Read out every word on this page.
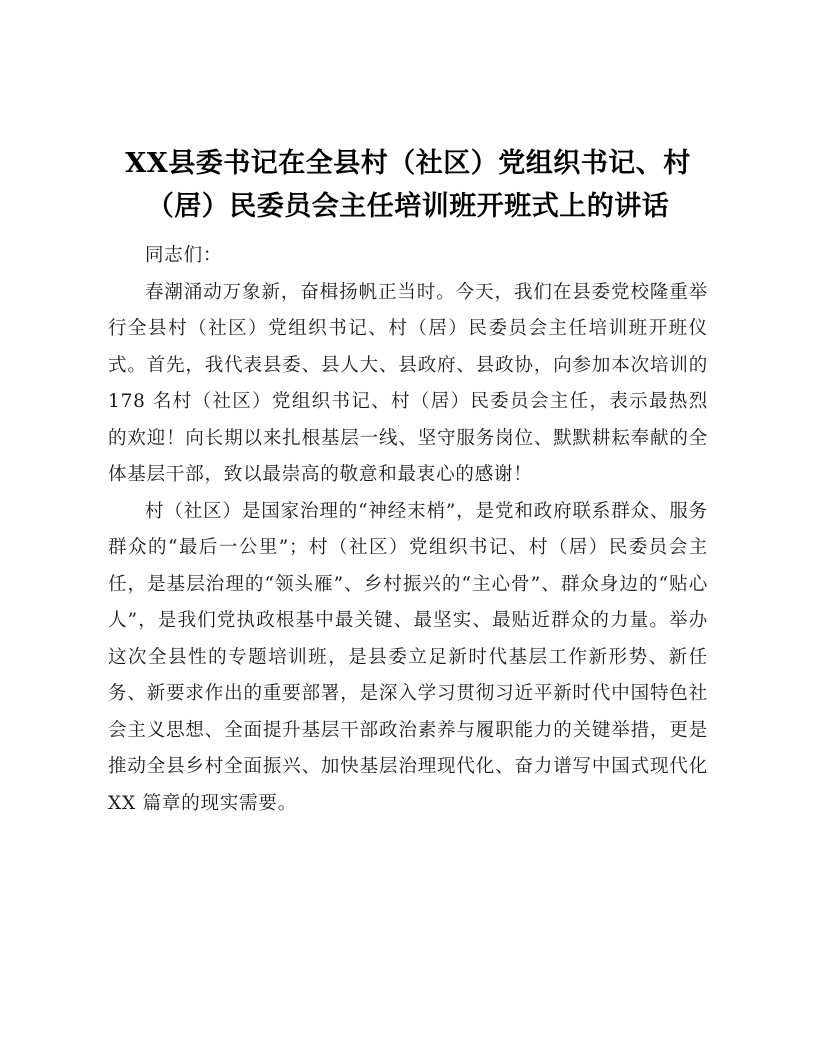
XX县委书记在全县村（社区）党组织书记、村
（居）民委员会主任培训班开班式上的讲话

同志们：

春潮涌动万象新，奋楫扬帆正当时。今天，我们在县委党校隆重举行全县村（社区）党组织书记、村（居）民委员会主任培训班开班仪式。首先，我代表县委、县人大、县政府、县政协，向参加本次培训的 178 名村（社区）党组织书记、村（居）民委员会主任，表示最热烈的欢迎！向长期以来扎根基层一线、坚守服务岗位、默默耕耘奉献的全体基层干部，致以最崇高的敬意和最衷心的感谢！

村（社区）是国家治理的“神经末梢”，是党和政府联系群众、服务群众的“最后一公里”；村（社区）党组织书记、村（居）民委员会主任，是基层治理的“领头雁”、乡村振兴的“主心骨”、群众身边的“贴心人”，是我们党执政根基中最关键、最坚实、最贴近群众的力量。举办这次全县性的专题培训班，是县委立足新时代基层工作新形势、新任务、新要求作出的重要部署，是深入学习贯彻习近平新时代中国特色社会主义思想、全面提升基层干部政治素养与履职能力的关键举措，更是推动全县乡村全面振兴、加快基层治理现代化、奋力谱写中国式现代化 XX 篇章的现实需要。
